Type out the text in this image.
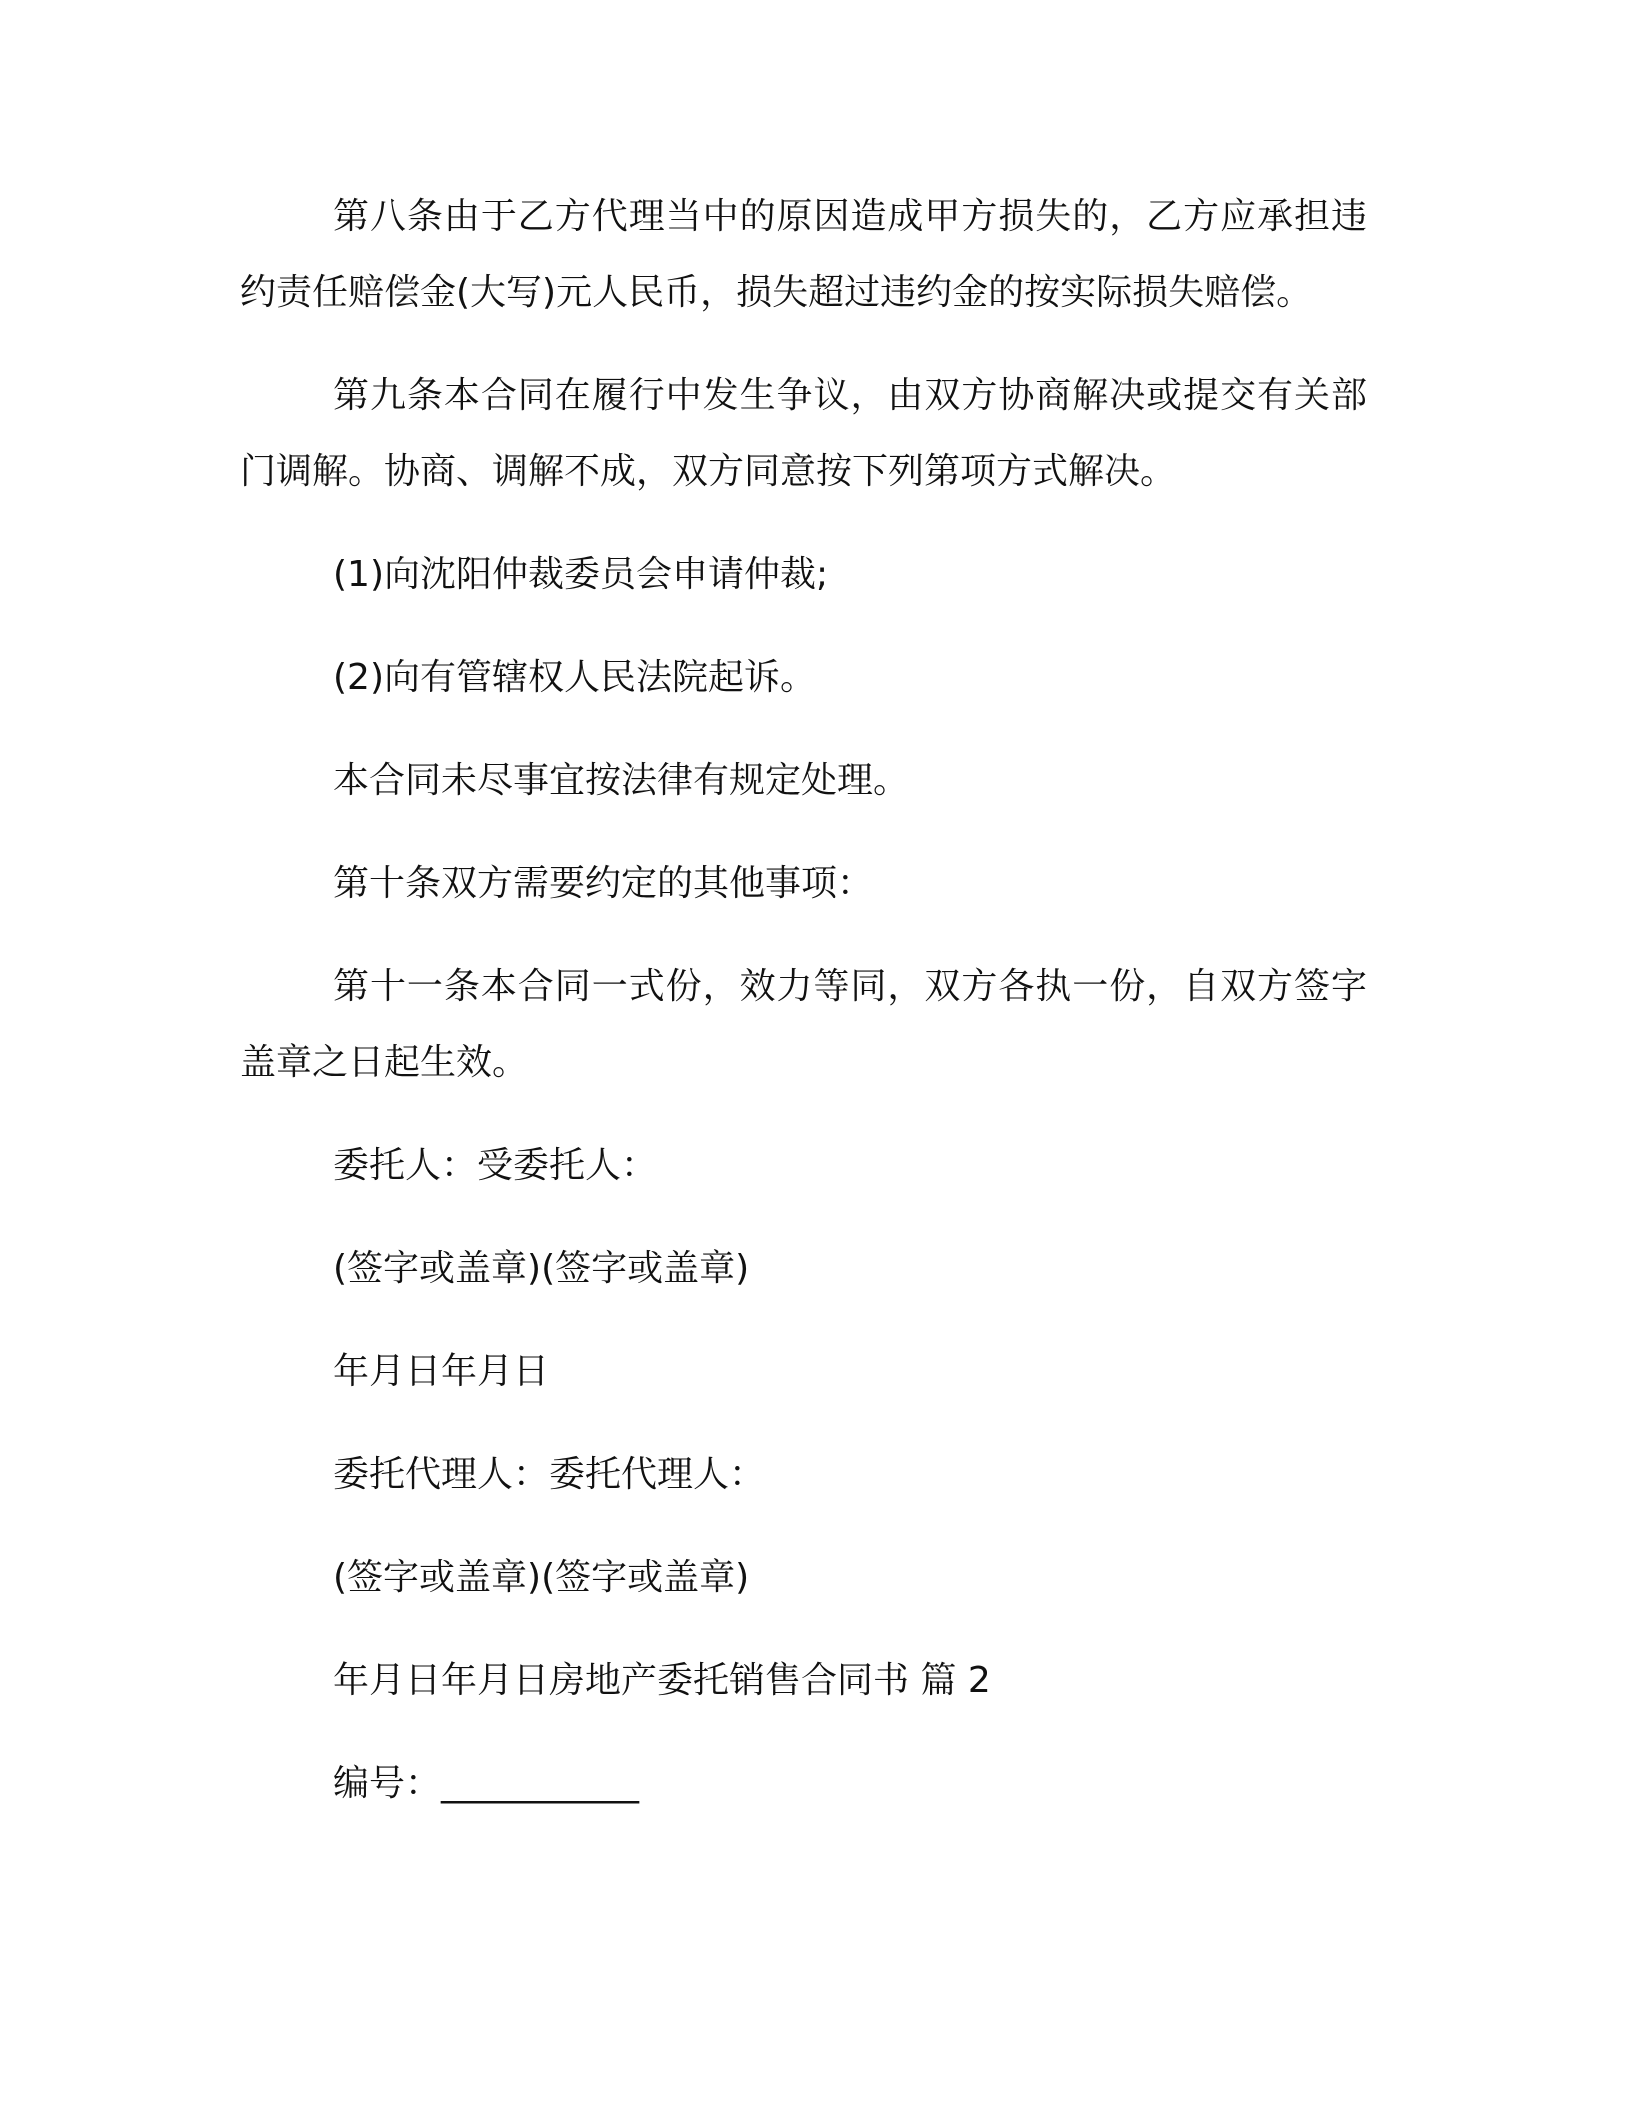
第八条由于乙方代理当中的原因造成甲方损失的，乙方应承担违
约责任赔偿金(大写)元人民币，损失超过违约金的按实际损失赔偿。

第九条本合同在履行中发生争议，由双方协商解决或提交有关部
门调解。协商、调解不成，双方同意按下列第项方式解决。

(1)向沈阳仲裁委员会申请仲裁;

(2)向有管辖权人民法院起诉。

本合同未尽事宜按法律有规定处理。

第十条双方需要约定的其他事项：

第十一条本合同一式份，效力等同，双方各执一份，自双方签字
盖章之日起生效。

委托人：受委托人：

(签字或盖章)(签字或盖章)

年月日年月日

委托代理人：委托代理人：

(签字或盖章)(签字或盖章)

年月日年月日房地产委托销售合同书 篇 2

编号：___________
